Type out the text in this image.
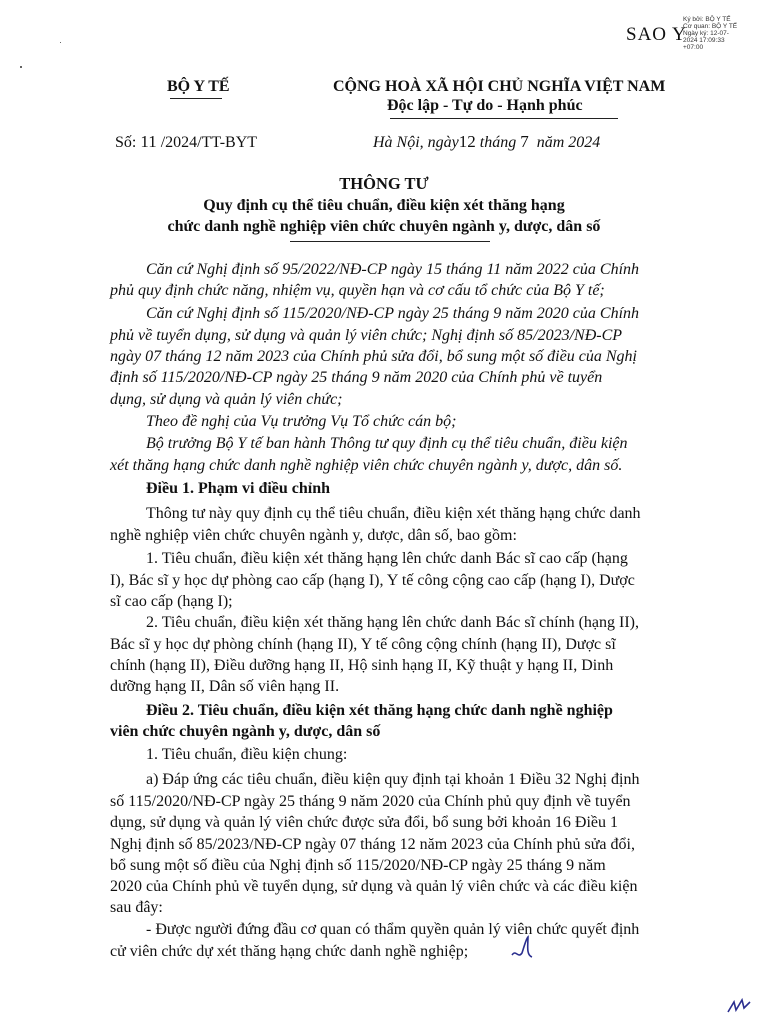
SAO Y
Ký bởi: BỘ Y TẾ
Cơ quan: BỘ Y TẾ
Ngày ký: 12-07-
2024 17:09:33
+07:00
BỘ Y TẾ	CỘNG HOÀ XÃ HỘI CHỦ NGHĨA VIỆT NAM
Độc lập - Tự do - Hạnh phúc
Số: 11 /2024/TT-BYT	Hà Nội, ngày12 tháng 7 năm 2024
THÔNG TƯ
Quy định cụ thể tiêu chuẩn, điều kiện xét thăng hạng
chức danh nghề nghiệp viên chức chuyên ngành y, dược, dân số
Căn cứ Nghị định số 95/2022/NĐ-CP ngày 15 tháng 11 năm 2022 của Chính
phủ quy định chức năng, nhiệm vụ, quyền hạn và cơ cấu tổ chức của Bộ Y tế;
Căn cứ Nghị định số 115/2020/NĐ-CP ngày 25 tháng 9 năm 2020 của Chính
phủ về tuyển dụng, sử dụng và quản lý viên chức; Nghị định số 85/2023/NĐ-CP
ngày 07 tháng 12 năm 2023 của Chính phủ sửa đổi, bổ sung một số điều của Nghị
định số 115/2020/NĐ-CP ngày 25 tháng 9 năm 2020 của Chính phủ về tuyển
dụng, sử dụng và quản lý viên chức;
Theo đề nghị của Vụ trưởng Vụ Tổ chức cán bộ;
Bộ trưởng Bộ Y tế ban hành Thông tư quy định cụ thể tiêu chuẩn, điều kiện
xét thăng hạng chức danh nghề nghiệp viên chức chuyên ngành y, dược, dân số.
Điều 1. Phạm vi điều chỉnh
Thông tư này quy định cụ thể tiêu chuẩn, điều kiện xét thăng hạng chức danh
nghề nghiệp viên chức chuyên ngành y, dược, dân số, bao gồm:
1. Tiêu chuẩn, điều kiện xét thăng hạng lên chức danh Bác sĩ cao cấp (hạng
I), Bác sĩ y học dự phòng cao cấp (hạng I), Y tế công cộng cao cấp (hạng I), Dược
sĩ cao cấp (hạng I);
2. Tiêu chuẩn, điều kiện xét thăng hạng lên chức danh Bác sĩ chính (hạng II),
Bác sĩ y học dự phòng chính (hạng II), Y tế công cộng chính (hạng II), Dược sĩ
chính (hạng II), Điều dưỡng hạng II, Hộ sinh hạng II, Kỹ thuật y hạng II, Dinh
dưỡng hạng II, Dân số viên hạng II.
Điều 2. Tiêu chuẩn, điều kiện xét thăng hạng chức danh nghề nghiệp
viên chức chuyên ngành y, dược, dân số
1. Tiêu chuẩn, điều kiện chung:
a) Đáp ứng các tiêu chuẩn, điều kiện quy định tại khoản 1 Điều 32 Nghị định
số 115/2020/NĐ-CP ngày 25 tháng 9 năm 2020 của Chính phủ quy định về tuyển
dụng, sử dụng và quản lý viên chức được sửa đổi, bổ sung bởi khoản 16 Điều 1
Nghị định số 85/2023/NĐ-CP ngày 07 tháng 12 năm 2023 của Chính phủ sửa đổi,
bổ sung một số điều của Nghị định số 115/2020/NĐ-CP ngày 25 tháng 9 năm
2020 của Chính phủ về tuyển dụng, sử dụng và quản lý viên chức và các điều kiện
sau đây:
- Được người đứng đầu cơ quan có thẩm quyền quản lý viên chức quyết định
cử viên chức dự xét thăng hạng chức danh nghề nghiệp;
